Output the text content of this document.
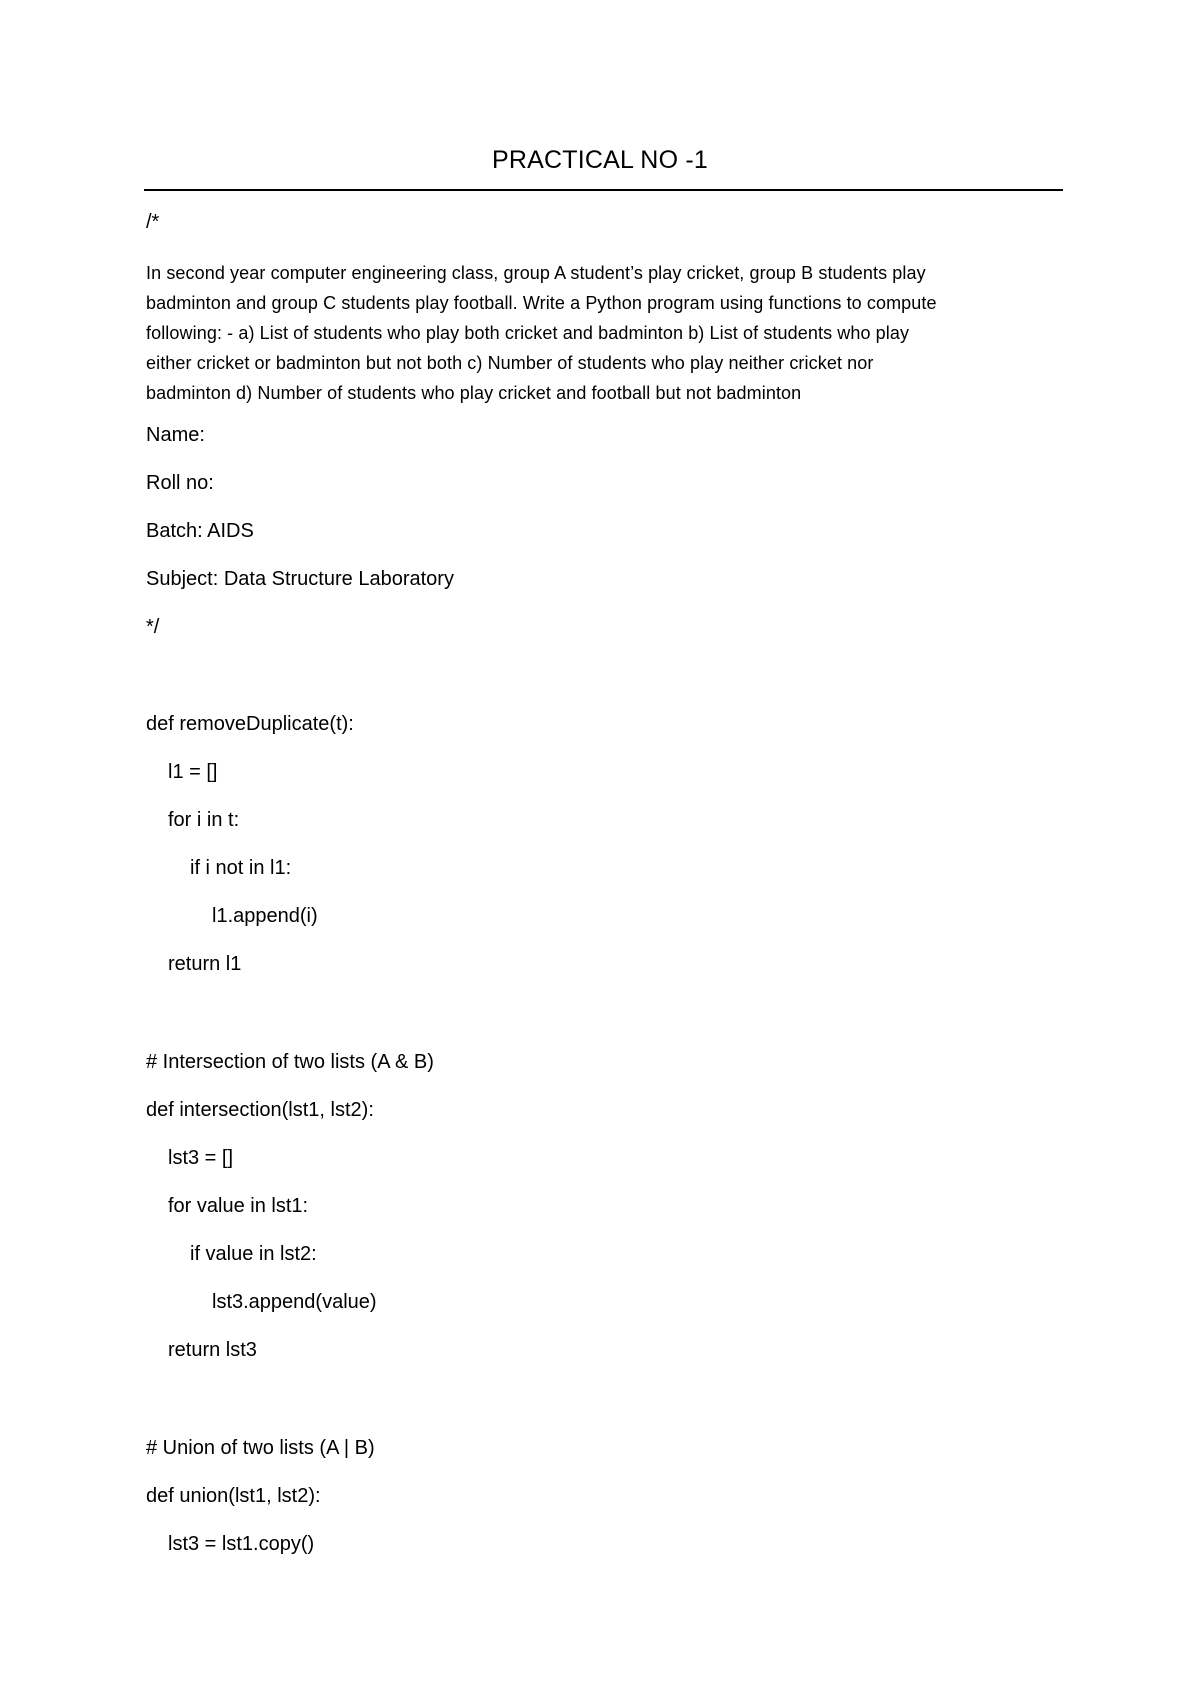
PRACTICAL NO -1
/*
In second year computer engineering class, group A student’s play cricket, group B students play
badminton and group C students play football. Write a Python program using functions to compute
following: - a) List of students who play both cricket and badminton b) List of students who play
either cricket or badminton but not both c) Number of students who play neither cricket nor
badminton d) Number of students who play cricket and football but not badminton
Name:
Roll no:
Batch: AIDS
Subject: Data Structure Laboratory
*/
def removeDuplicate(t):
l1 = []
for i in t:
if i not in l1:
l1.append(i)
return l1
# Intersection of two lists (A & B)
def intersection(lst1, lst2):
lst3 = []
for value in lst1:
if value in lst2:
lst3.append(value)
return lst3
# Union of two lists (A | B)
def union(lst1, lst2):
lst3 = lst1.copy()
